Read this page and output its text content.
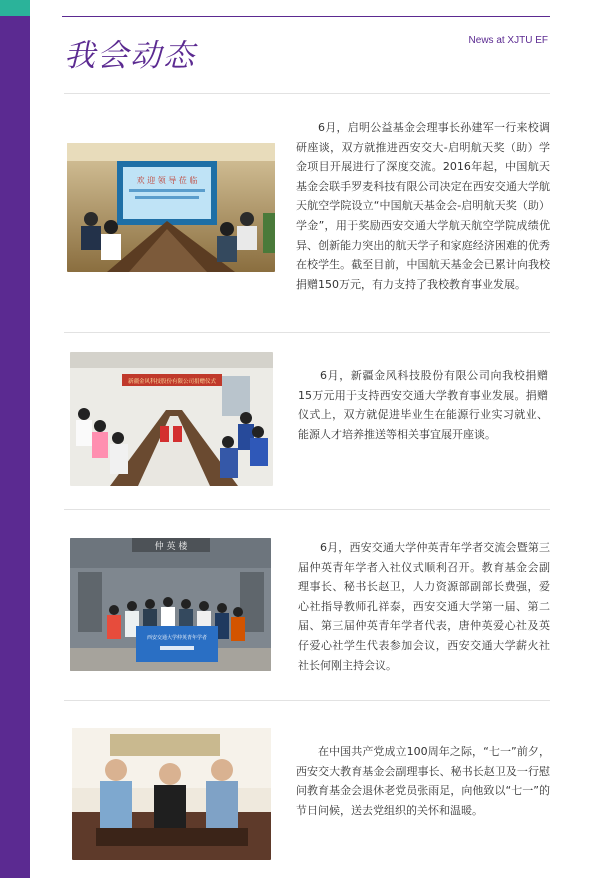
我会动态	News at XJTU EF
欢 迎 领 导 莅 临

6月，启明公益基金会理事长孙建军一行来校调研座谈，双方就推进西安交大-启明航天奖（助）学金项目开展进行了深度交流。2016年起，中国航天基金会联手罗麦科技有限公司决定在西安交通大学航天航空学院设立“中国航天基金会-启明航天奖（助）学金”，用于奖励西安交通大学航天航空学院成绩优异、创新能力突出的航天学子和家庭经济困难的优秀在校学生。截至目前，中国航天基金会已累计向我校捐赠150万元，有力支持了我校教育事业发展。

新疆金风科技股份有限公司捐赠仪式	6月，新疆金风科技股份有限公司向我校捐赠15万元用于支持西安交通大学教育事业发展。捐赠仪式上，双方就促进毕业生在能源行业实习就业、能源人才培养推送等相关事宜展开座谈。

仲 英 楼
西安交通大学仲英青年学者

6月，西安交通大学仲英青年学者交流会暨第三届仲英青年学者入社仪式顺利召开。教育基金会副理事长、秘书长赵卫，人力资源部副部长费强，爱心社指导教师孔祥泰，西安交通大学第一届、第二届、第三届仲英青年学者代表，唐仲英爱心社及英仔爱心社学生代表参加会议，西安交通大学薪火社社长何刚主持会议。

在中国共产党成立100周年之际，“七一”前夕，西安交大教育基金会副理事长、秘书长赵卫及一行慰问教育基金会退休老党员张雨足，向他致以“七一”的节日问候，送去党组织的关怀和温暖。
